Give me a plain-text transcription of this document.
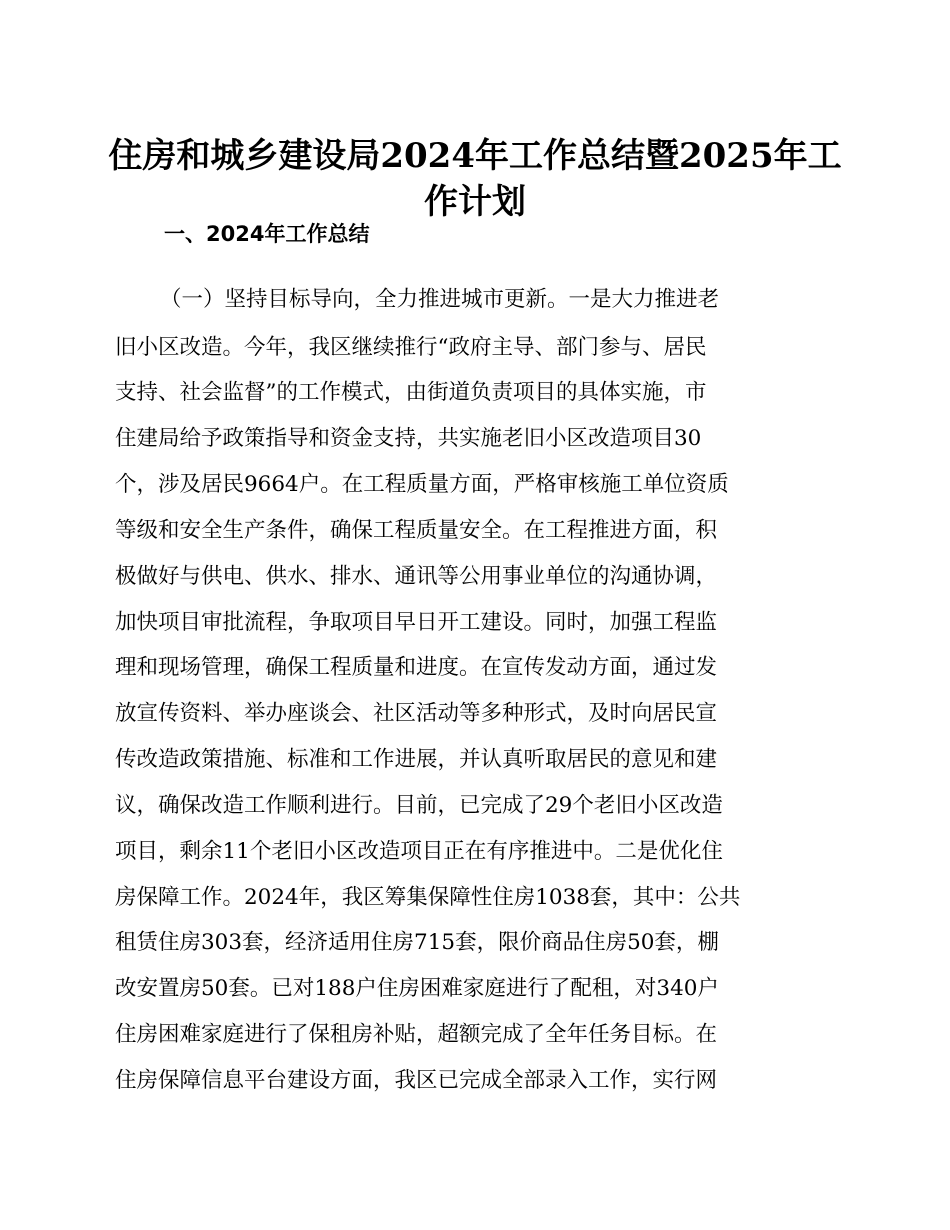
住房和城乡建设局2024年工作总结暨2025年工
作计划
一、2024年工作总结

（一）坚持目标导向，全力推进城市更新。一是大力推进老

旧小区改造。今年，我区继续推行“政府主导、部门参与、居民

支持、社会监督”的工作模式，由街道负责项目的具体实施，市

住建局给予政策指导和资金支持，共实施老旧小区改造项目30

个，涉及居民9664户。在工程质量方面，严格审核施工单位资质

等级和安全生产条件，确保工程质量安全。在工程推进方面，积

极做好与供电、供水、排水、通讯等公用事业单位的沟通协调，

加快项目审批流程，争取项目早日开工建设。同时，加强工程监

理和现场管理，确保工程质量和进度。在宣传发动方面，通过发

放宣传资料、举办座谈会、社区活动等多种形式，及时向居民宣

传改造政策措施、标准和工作进展，并认真听取居民的意见和建

议，确保改造工作顺利进行。目前，已完成了29个老旧小区改造

项目，剩余11个老旧小区改造项目正在有序推进中。二是优化住

房保障工作。2024年，我区筹集保障性住房1038套，其中：公共

租赁住房303套，经济适用住房715套，限价商品住房50套，棚

改安置房50套。已对188户住房困难家庭进行了配租，对340户

住房困难家庭进行了保租房补贴，超额完成了全年任务目标。在

住房保障信息平台建设方面，我区已完成全部录入工作，实行网
